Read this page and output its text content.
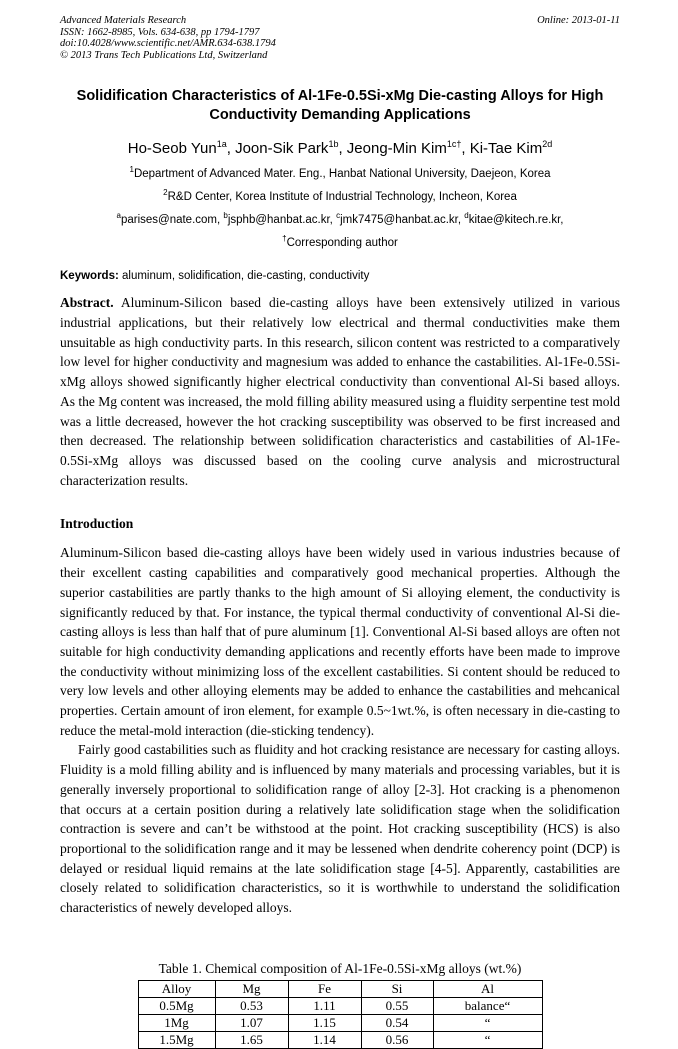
Advanced Materials Research
ISSN: 1662-8985, Vols. 634-638, pp 1794-1797
doi:10.4028/www.scientific.net/AMR.634-638.1794
© 2013 Trans Tech Publications Ltd, Switzerland
Online: 2013-01-11
Solidification Characteristics of Al-1Fe-0.5Si-xMg Die-casting Alloys for High Conductivity Demanding Applications
Ho-Seob Yun$^{1a}$, Joon-Sik Park$^{1b}$, Jeong-Min Kim$^{1c\dagger}$, Ki-Tae Kim$^{2d}$
$^1$Department of Advanced Mater. Eng., Hanbat National University, Daejeon, Korea
$^2$R&D Center, Korea Institute of Industrial Technology, Incheon, Korea
$^a$parises@nate.com, $^b$jsphb@hanbat.ac.kr, $^c$jmk7475@hanbat.ac.kr, $^d$kitae@kitech.re.kr,
†Corresponding author
Keywords: aluminum, solidification, die-casting, conductivity

Abstract. Aluminum-Silicon based die-casting alloys have been extensively utilized in various industrial applications, but their relatively low electrical and thermal conductivities make them unsuitable as high conductivity parts. In this research, silicon content was restricted to a comparatively low level for higher conductivity and magnesium was added to enhance the castabilities. Al-1Fe-0.5Si-xMg alloys showed significantly higher electrical conductivity than conventional Al-Si based alloys. As the Mg content was increased, the mold filling ability measured using a fluidity serpentine test mold was a little decreased, however the hot cracking susceptibility was observed to be first increased and then decreased. The relationship between solidification characteristics and castabilities of Al-1Fe-0.5Si-xMg alloys was discussed based on the cooling curve analysis and microstructural characterization results.

Introduction

Aluminum-Silicon based die-casting alloys have been widely used in various industries because of their excellent casting capabilities and comparatively good mechanical properties. Although the superior castabilities are partly thanks to the high amount of Si alloying element, the conductivity is significantly reduced by that. For instance, the typical thermal conductivity of conventional Al-Si die-casting alloys is less than half that of pure aluminum [1]. Conventional Al-Si based alloys are often not suitable for high conductivity demanding applications and recently efforts have been made to improve the conductivity without minimizing loss of the excellent castabilities. Si content should be reduced to very low levels and other alloying elements may be added to enhance the castabilities and mehcanical properties. Certain amount of iron element, for example 0.5~1wt.%, is often necessary in die-casting to reduce the metal-mold interaction (die-sticking tendency).

Fairly good castabilities such as fluidity and hot cracking resistance are necessary for casting alloys. Fluidity is a mold filling ability and is influenced by many materials and processing variables, but it is generally inversely proportional to solidification range of alloy [2-3]. Hot cracking is a phenomenon that occurs at a certain position during a relatively late solidification stage when the solidification contraction is severe and can’t be withstood at the point. Hot cracking susceptibility (HCS) is also proportional to the solidification range and it may be lessened when dendrite coherency point (DCP) is delayed or residual liquid remains at the late solidification stage [4-5]. Apparently, castabilities are closely related to solidification characteristics, so it is worthwhile to understand the solidification characteristics of newely developed alloys.

Table 1. Chemical composition of Al-1Fe-0.5Si-xMg alloys (wt.%)
Alloy	Mg	Fe	Si	Al
0.5Mg	0.53	1.11	0.55	balance“
1Mg	1.07	1.15	0.54	“
1.5Mg	1.65	1.14	0.56	“
